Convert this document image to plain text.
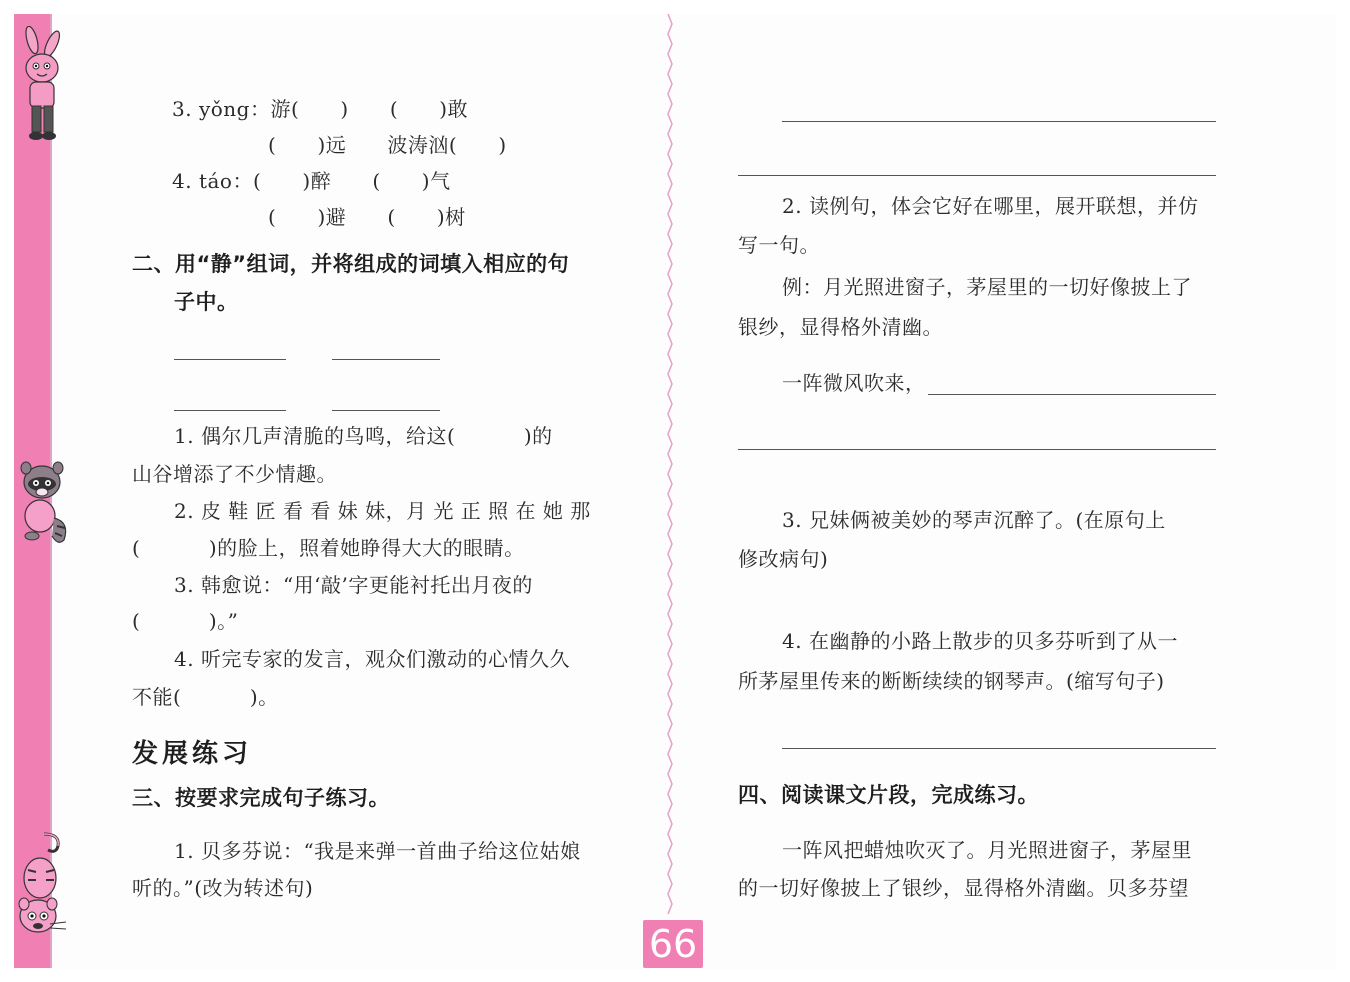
3. yǒng：游(      )      (      )敢
(      )远      波涛汹(      )
4. táo：(      )醉      (      )气
(      )避      (      )树
二、用“静”组词，并将组成的词填入相应的句
子中。
1. 偶尔几声清脆的鸟鸣，给这(          )的
山谷增添了不少情趣。
2. 皮 鞋 匠 看 看 妹 妹，月 光 正 照 在 她 那
(          )的脸上，照着她睁得大大的眼睛。
3. 韩愈说：“用‘敲’字更能衬托出月夜的
(          )。”
4. 听完专家的发言，观众们激动的心情久久
不能(          )。
发展练习
三、按要求完成句子练习。
1. 贝多芬说：“我是来弹一首曲子给这位姑娘
听的。”(改为转述句)
2. 读例句，体会它好在哪里，展开联想，并仿
写一句。
例：月光照进窗子，茅屋里的一切好像披上了
银纱，显得格外清幽。
一阵微风吹来，
3. 兄妹俩被美妙的琴声沉醉了。(在原句上
修改病句)
4. 在幽静的小路上散步的贝多芬听到了从一
所茅屋里传来的断断续续的钢琴声。(缩写句子)
四、阅读课文片段，完成练习。
一阵风把蜡烛吹灭了。月光照进窗子，茅屋里
的一切好像披上了银纱，显得格外清幽。贝多芬望
66
